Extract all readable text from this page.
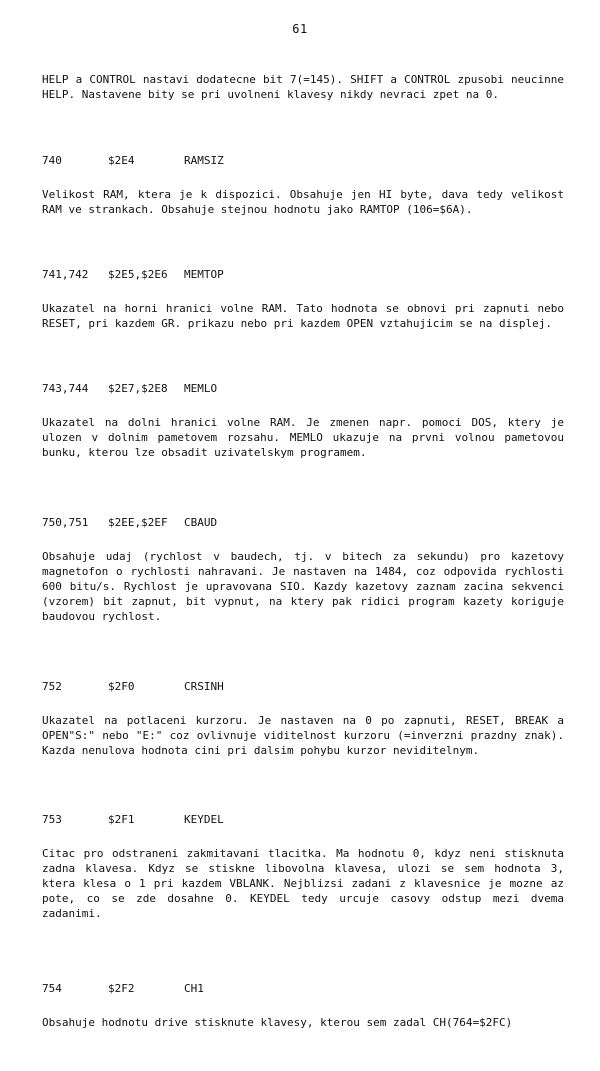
61

HELP a CONTROL nastavi dodatecne bit 7(=145). SHIFT a CONTROL zpusobi neucinne HELP. Nastavene bity se pri uvolneni klavesy nikdy nevraci zpet na 0.

740	$2E4	RAMSIZ

Velikost RAM, ktera je k dispozici. Obsahuje jen HI byte, dava tedy velikost RAM ve strankach. Obsahuje stejnou hodnotu jako RAMTOP (106=$6A).

741,742 $2E5,$2E6 MEMTOP

Ukazatel na horni hranici volne RAM. Tato hodnota se obnovi pri zapnuti nebo RESET, pri kazdem GR. prikazu nebo pri kazdem OPEN vztahujicim se na displej.

743,744 $2E7,$2E8 MEMLO

Ukazatel na dolni hranici volne RAM. Je zmenen napr. pomoci DOS, ktery je ulozen v dolnim pametovem rozsahu. MEMLO ukazuje na prvni volnou pametovou bunku, kterou lze obsadit uzivatelskym programem.

750,751 $2EE,$2EF CBAUD

Obsahuje udaj (rychlost v baudech, tj. v bitech za sekundu) pro kazetovy magnetofon o rychlosti nahravani. Je nastaven na 1484, coz odpovida rychlosti 600 bitu/s. Rychlost je upravovana SIO. Kazdy kazetovy zaznam zacina sekvenci (vzorem) bit zapnut, bit vypnut, na ktery pak ridici program kazety koriguje baudovou rychlost.

752	$2F0	CRSINH

Ukazatel na potlaceni kurzoru. Je nastaven na 0 po zapnuti, RESET, BREAK a OPEN"S:" nebo "E:" coz ovlivnuje viditelnost kurzoru (=inverzni prazdny znak). Kazda nenulova hodnota cini pri dalsim pohybu kurzor neviditelnym.

753	$2F1	KEYDEL

Citac pro odstraneni zakmitavani tlacitka. Ma hodnotu 0, kdyz neni stisknuta zadna klavesa. Kdyz se stiskne libovolna klavesa, ulozi se sem hodnota 3, ktera klesa o 1 pri kazdem VBLANK. Nejblizsi zadani z klavesnice je mozne az pote, co se zde dosahne 0. KEYDEL tedy urcuje casovy odstup mezi dvema zadanimi.

754	$2F2	CH1

Obsahuje hodnotu drive stisknute klavesy, kterou sem zadal CH(764=$2FC)
